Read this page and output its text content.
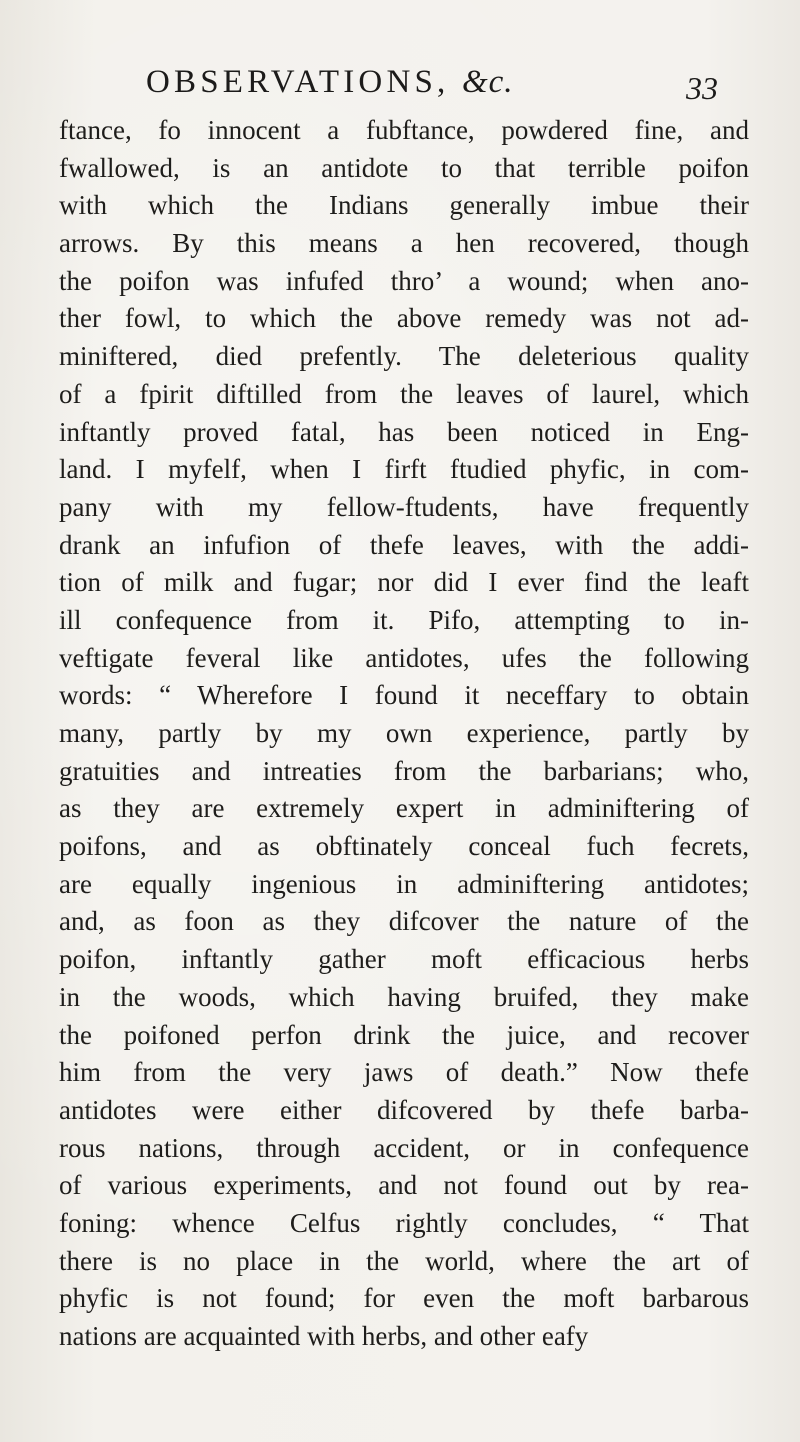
OBSERVATIONS, &c.	33
ftance, fo innocent a fubftance, powdered fine, and
fwallowed, is an antidote to that terrible poifon
with which the Indians generally imbue their
arrows. By this means a hen recovered, though
the poifon was infufed thro’ a wound; when ano-
ther fowl, to which the above remedy was not ad-
miniftered, died prefently. The deleterious quality
of a fpirit diftilled from the leaves of laurel, which
inftantly proved fatal, has been noticed in Eng-
land. I myfelf, when I firft ftudied phyfic, in com-
pany with my fellow-ftudents, have frequently
drank an infufion of thefe leaves, with the addi-
tion of milk and fugar; nor did I ever find the leaft
ill confequence from it. Pifo, attempting to in-
veftigate feveral like antidotes, ufes the following
words: “ Wherefore I found it neceffary to obtain
many, partly by my own experience, partly by
gratuities and intreaties from the barbarians; who,
as they are extremely expert in adminiftering of
poifons, and as obftinately conceal fuch fecrets,
are equally ingenious in adminiftering antidotes;
and, as foon as they difcover the nature of the
poifon, inftantly gather moft efficacious herbs
in the woods, which having bruifed, they make
the poifoned perfon drink the juice, and recover
him from the very jaws of death.” Now thefe
antidotes were either difcovered by thefe barba-
rous nations, through accident, or in confequence
of various experiments, and not found out by rea-
foning: whence Celfus rightly concludes, “ That
there is no place in the world, where the art of
phyfic is not found; for even the moft barbarous
nations are acquainted with herbs, and other eafy
